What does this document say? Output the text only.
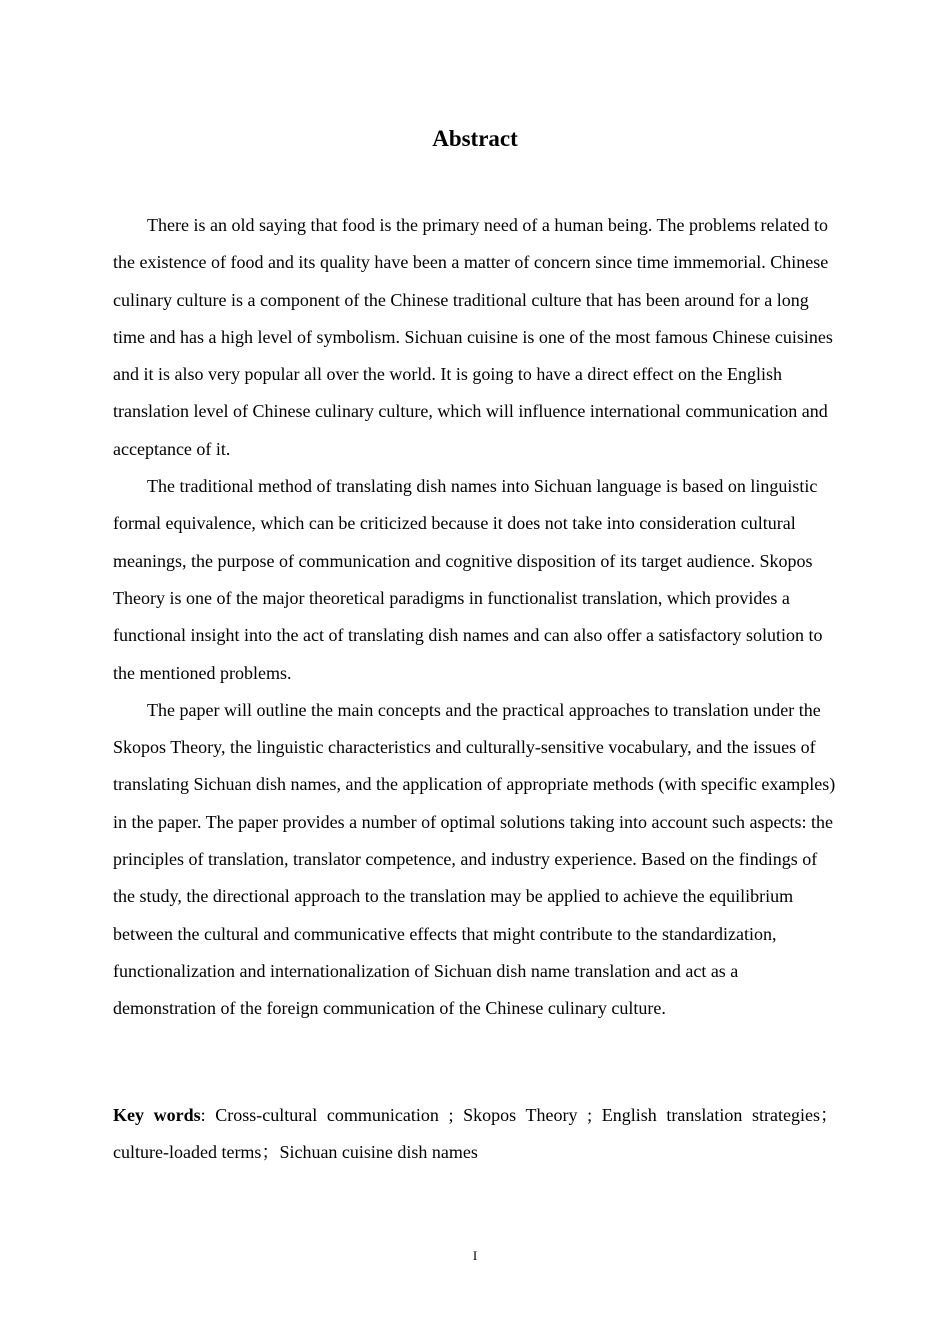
Abstract

There is an old saying that food is the primary need of a human being. The problems related to the existence of food and its quality have been a matter of concern since time immemorial. Chinese culinary culture is a component of the Chinese traditional culture that has been around for a long time and has a high level of symbolism. Sichuan cuisine is one of the most famous Chinese cuisines and it is also very popular all over the world. It is going to have a direct effect on the English translation level of Chinese culinary culture, which will influence international communication and acceptance of it.

The traditional method of translating dish names into Sichuan language is based on linguistic formal equivalence, which can be criticized because it does not take into consideration cultural meanings, the purpose of communication and cognitive disposition of its target audience. Skopos Theory is one of the major theoretical paradigms in functionalist translation, which provides a functional insight into the act of translating dish names and can also offer a satisfactory solution to the mentioned problems.

The paper will outline the main concepts and the practical approaches to translation under the Skopos Theory, the linguistic characteristics and culturally-sensitive vocabulary, and the issues of translating Sichuan dish names, and the application of appropriate methods (with specific examples) in the paper. The paper provides a number of optimal solutions taking into account such aspects: the principles of translation, translator competence, and industry experience. Based on the findings of the study, the directional approach to the translation may be applied to achieve the equilibrium between the cultural and communicative effects that might contribute to the standardization, functionalization and internationalization of Sichuan dish name translation and act as a demonstration of the foreign communication of the Chinese culinary culture.

Key words: Cross-cultural communication ; Skopos Theory ; English translation strategies；culture-loaded terms；Sichuan cuisine dish names
I
